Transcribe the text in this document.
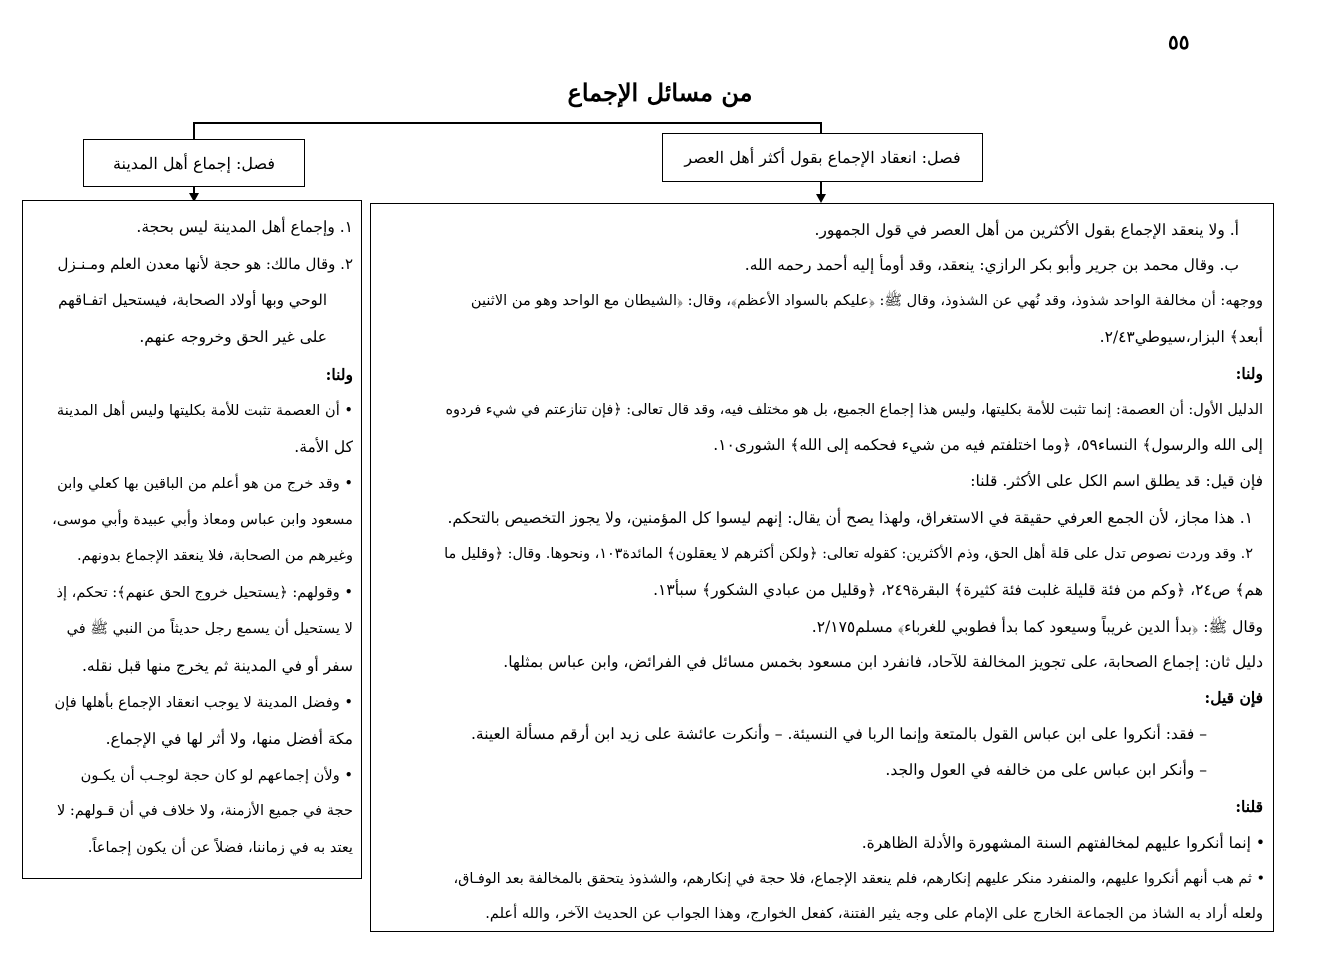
٥٥
من مسائل الإجماع
فصل: انعقاد الإجماع بقول أكثر أهل العصر
فصل: إجماع أهل المدينة
أ. ولا ينعقد الإجماع بقول الأكثرين من أهل العصر في قول الجمهور.
ب. وقال محمد بن جرير وأبو بكر الرازي: ينعقد، وقد أومأ إليه أحمد رحمه الله.
ووجهه: أن مخالفة الواحد شذوذ، وقد نُهي عن الشذوذ، وقال ﷺ: ﴿عليكم بالسواد الأعظم﴾، وقال: ﴿الشيطان مع الواحد وهو من الاثنين
أبعد﴾ البزار،سيوطي٢/٤٣.
ولنا:
الدليل الأول: أن العصمة: إنما تثبت للأمة بكليتها، وليس هذا إجماع الجميع، بل هو مختلف فيه، وقد قال تعالى: ﴿فإن تنازعتم في شيء فردوه
إلى الله والرسول﴾ النساء٥٩، ﴿وما اختلفتم فيه من شيء فحكمه إلى الله﴾ الشورى١٠.
فإن قيل: قد يطلق اسم الكل على الأكثر. قلنا:
١. هذا مجاز، لأن الجمع العرفي حقيقة في الاستغراق، ولهذا يصح أن يقال: إنهم ليسوا كل المؤمنين، ولا يجوز التخصيص بالتحكم.
٢. وقد وردت نصوص تدل على قلة أهل الحق، وذم الأكثرين: كقوله تعالى: ﴿ولكن أكثرهم لا يعقلون﴾ المائدة١٠٣، ونحوها. وقال: ﴿وقليل ما
هم﴾ ص٢٤، ﴿وكم من فئة قليلة غلبت فئة كثيرة﴾ البقرة٢٤٩، ﴿وقليل من عبادي الشكور﴾ سبأ١٣.
وقال ﷺ: ﴿بدأ الدين غريباً وسيعود كما بدأ فطوبي للغرباء﴾ مسلم٢/١٧٥.
دليل ثان: إجماع الصحابة، على تجويز المخالفة للآحاد، فانفرد ابن مسعود بخمس مسائل في الفرائض، وابن عباس بمثلها.
فإن قيل:
– فقد: أنكروا على ابن عباس القول بالمتعة وإنما الربا في النسيئة. – وأنكرت عائشة على زيد ابن أرقم مسألة العينة.
– وأنكر ابن عباس على من خالفه في العول والجد.
قلنا:
• إنما أنكروا عليهم لمخالفتهم السنة المشهورة والأدلة الظاهرة.
• ثم هب أنهم أنكروا عليهم، والمنفرد منكر عليهم إنكارهم، فلم ينعقد الإجماع، فلا حجة في إنكارهم، والشذوذ يتحقق بالمخالفة بعد الوفـاق،
ولعله أراد به الشاذ من الجماعة الخارج على الإمام على وجه يثير الفتنة، كفعل الخوارج، وهذا الجواب عن الحديث الآخر، والله أعلم.
١. وإجماع أهل المدينة ليس بحجة.
٢. وقال مالك: هو حجة لأنها معدن العلم ومـنـزل
الوحي وبها أولاد الصحابة، فيستحيل اتفـاقهم
على غير الحق وخروجه عنهم.
ولنا:
• أن العصمة تثبت للأمة بكليتها وليس أهل المدينة
كل الأمة.
• وقد خرج من هو أعلم من الباقين بها كعلي وابن
مسعود وابن عباس ومعاذ وأبي عبيدة وأبي موسى،
وغيرهم من الصحابة، فلا ينعقد الإجماع بدونهم.
• وقولهم: ﴿يستحيل خروج الحق عنهم﴾: تحكم، إذ
لا يستحيل أن يسمع رجل حديثاً من النبي ﷺ في
سفر أو في المدينة ثم يخرج منها قبل نقله.
• وفضل المدينة لا يوجب انعقاد الإجماع بأهلها فإن
مكة أفضل منها، ولا أثر لها في الإجماع.
• ولأن إجماعهم لو كان حجة لوجـب أن يكـون
حجة في جميع الأزمنة، ولا خلاف في أن قـولهم: لا
يعتد به في زماننا، فضلاً عن أن يكون إجماعاً.
